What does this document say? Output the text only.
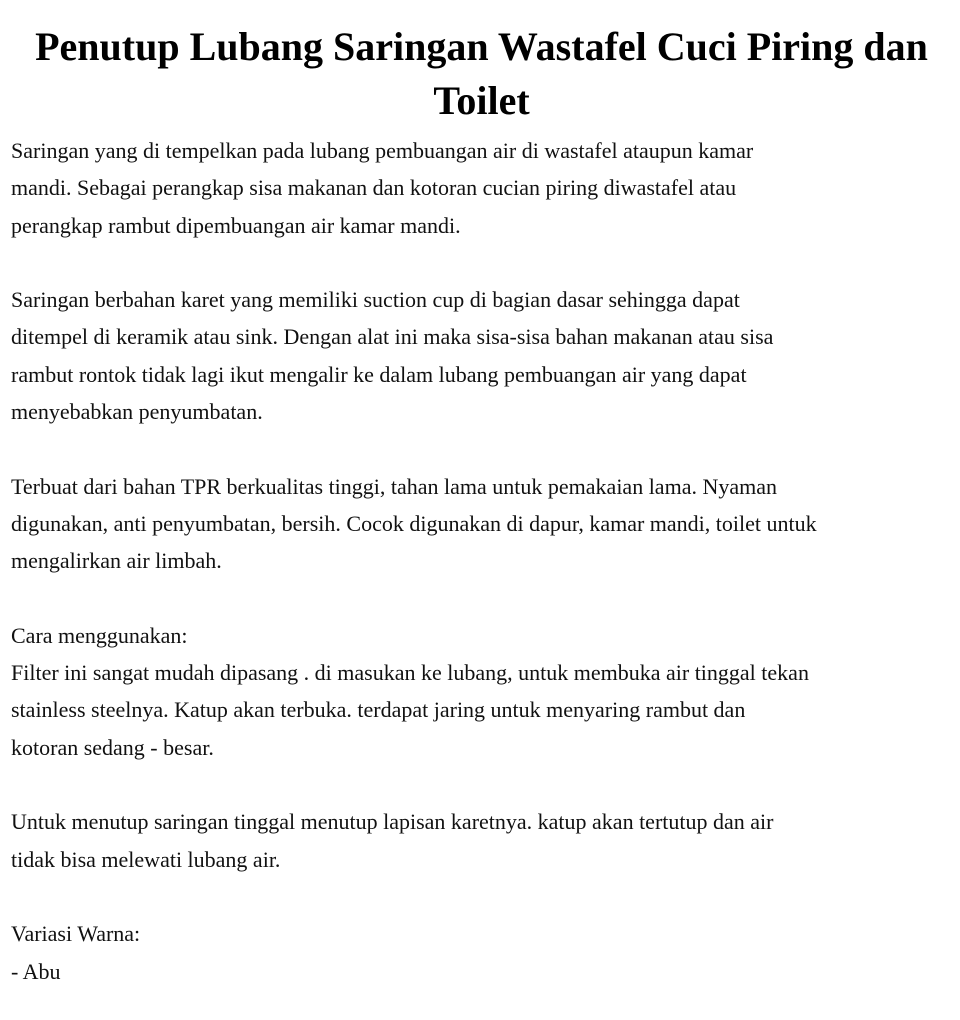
Penutup Lubang Saringan Wastafel Cuci Piring dan Toilet

Saringan yang di tempelkan pada lubang pembuangan air di wastafel ataupun kamar

mandi. Sebagai perangkap sisa makanan dan kotoran cucian piring diwastafel atau

perangkap rambut dipembuangan air kamar mandi.

Saringan berbahan karet yang memiliki suction cup di bagian dasar sehingga dapat

ditempel di keramik atau sink. Dengan alat ini maka sisa-sisa bahan makanan atau sisa

rambut rontok tidak lagi ikut mengalir ke dalam lubang pembuangan air yang dapat

menyebabkan penyumbatan.

Terbuat dari bahan TPR berkualitas tinggi, tahan lama untuk pemakaian lama. Nyaman

digunakan, anti penyumbatan, bersih. Cocok digunakan di dapur, kamar mandi, toilet untuk

mengalirkan air limbah.

Cara menggunakan:

Filter ini sangat mudah dipasang . di masukan ke lubang, untuk membuka air tinggal tekan

stainless steelnya. Katup akan terbuka. terdapat jaring untuk menyaring rambut dan

kotoran sedang - besar.

Untuk menutup saringan tinggal menutup lapisan karetnya. katup akan tertutup dan air

tidak bisa melewati lubang air.

Variasi Warna:

- Abu
